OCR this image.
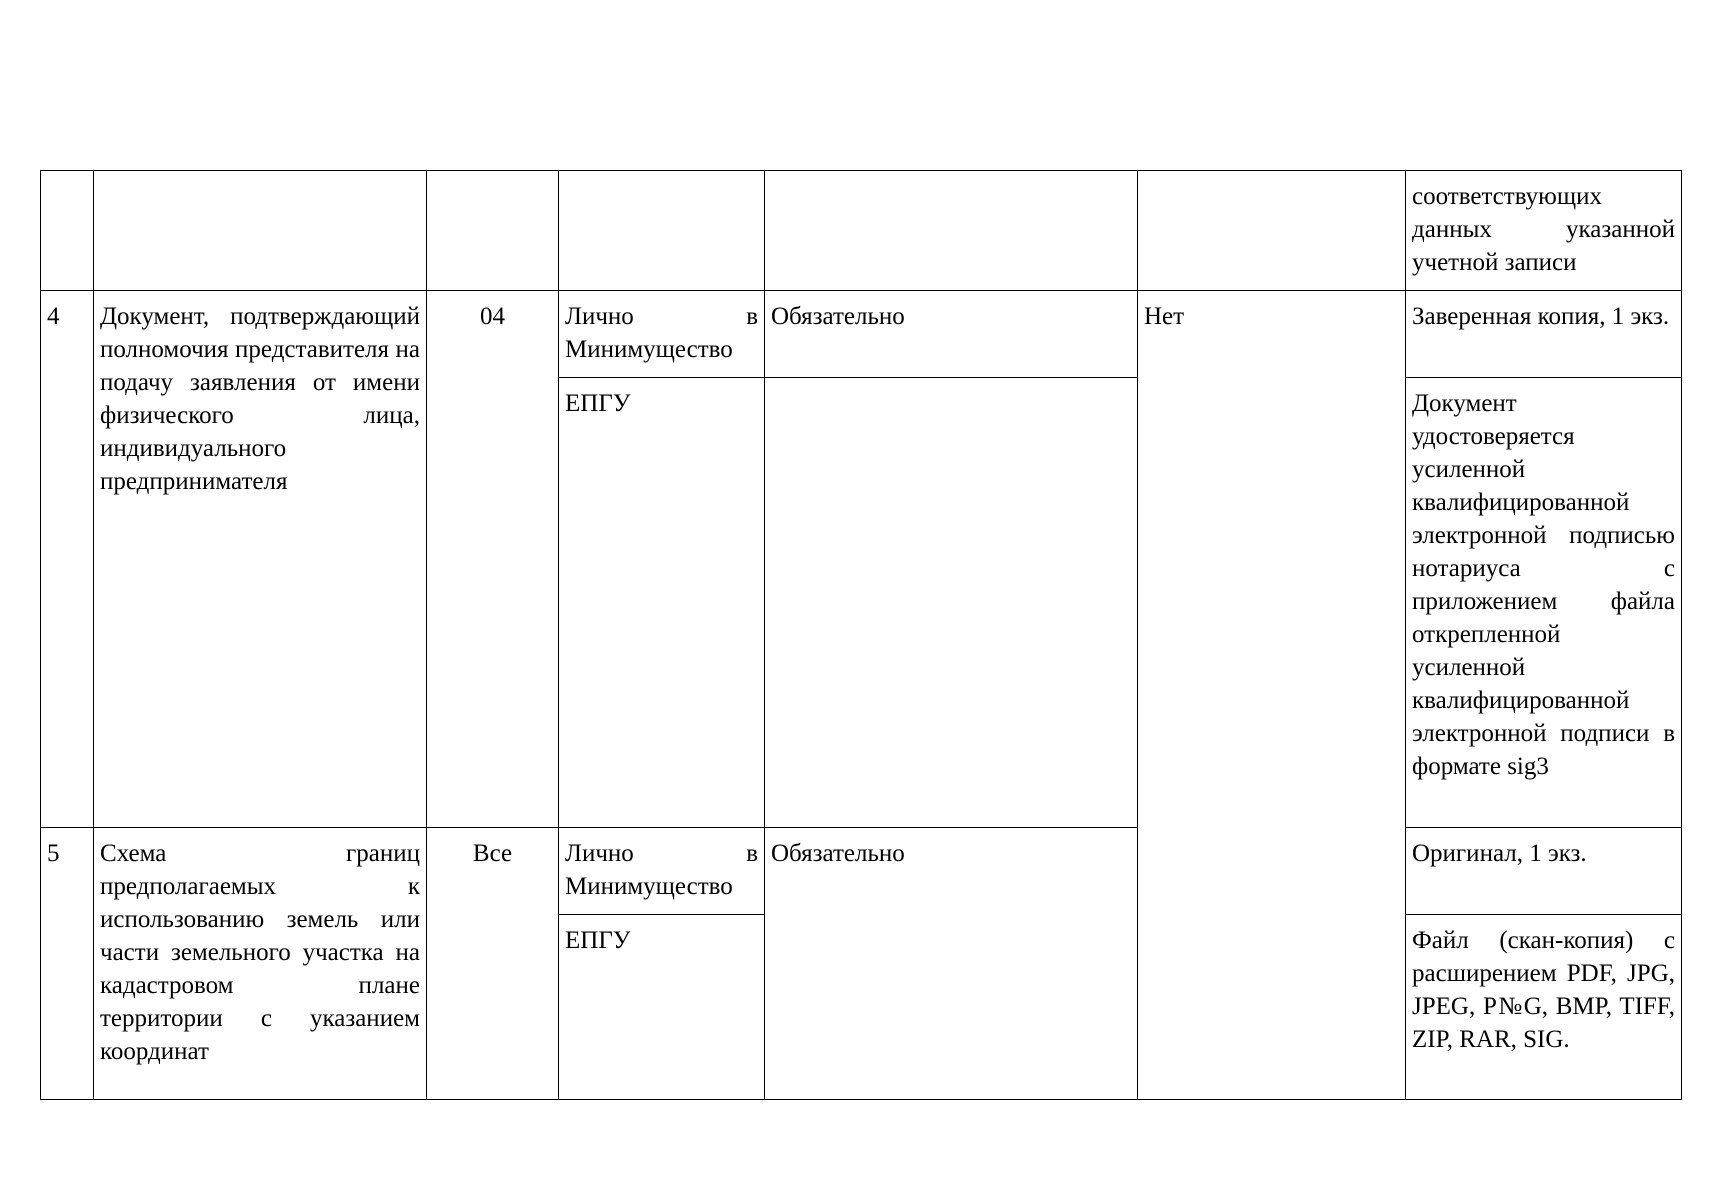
						соответствующих данных указанной учетной записи
4	Документ, подтверждающий полномочия представителя на подачу заявления от имени физического лица, индивидуального предпринимателя	04	Лично в Минимущество	Обязательно	Нет	Заверенная копия, 1 экз.
			ЕПГУ			Документ удостоверяется усиленной квалифицированной электронной подписью нотариуса с приложением файла открепленной усиленной квалифицированной электронной подписи в формате sig3
5	Схема границ предполагаемых к использованию земель или части земельного участка на кадастровом плане территории с указанием координат	Все	Лично в Минимущество	Обязательно		Оригинал, 1 экз.
			ЕПГУ			Файл (скан-копия) с расширением PDF, JPG, JPEG, P№G, BMP, TIFF, ZIP, RAR, SIG.
